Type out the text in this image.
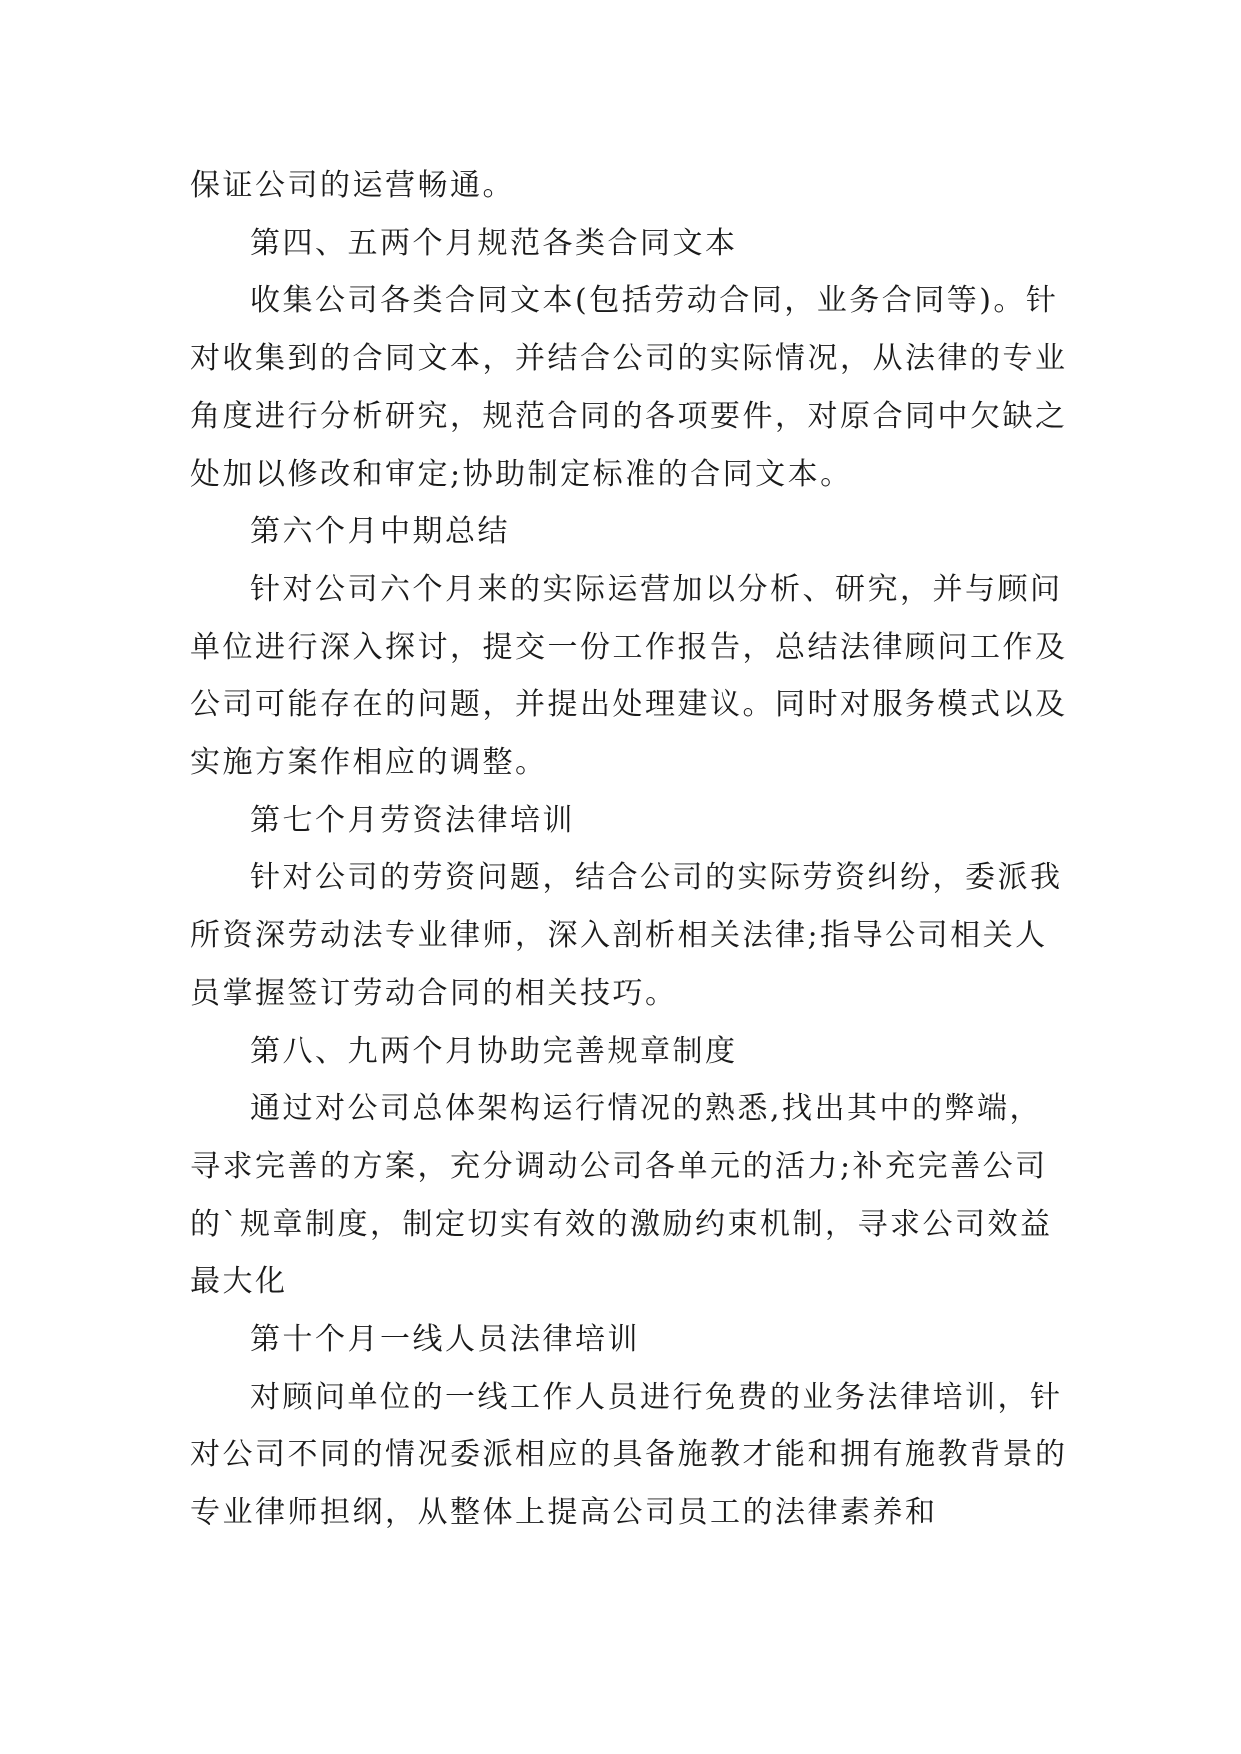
保证公司的运营畅通。

第四、五两个月规范各类合同文本

收集公司各类合同文本(包括劳动合同，业务合同等)。针对收集到的合同文本，并结合公司的实际情况，从法律的专业角度进行分析研究，规范合同的各项要件，对原合同中欠缺之处加以修改和审定;协助制定标准的合同文本。

第六个月中期总结

针对公司六个月来的实际运营加以分析、研究，并与顾问单位进行深入探讨，提交一份工作报告，总结法律顾问工作及公司可能存在的问题，并提出处理建议。同时对服务模式以及实施方案作相应的调整。

第七个月劳资法律培训

针对公司的劳资问题，结合公司的实际劳资纠纷，委派我所资深劳动法专业律师，深入剖析相关法律;指导公司相关人员掌握签订劳动合同的相关技巧。

第八、九两个月协助完善规章制度

通过对公司总体架构运行情况的熟悉,找出其中的弊端，寻求完善的方案，充分调动公司各单元的活力;补充完善公司的`规章制度，制定切实有效的激励约束机制，寻求公司效益最大化

第十个月一线人员法律培训

对顾问单位的一线工作人员进行免费的业务法律培训，针对公司不同的情况委派相应的具备施教才能和拥有施教背景的专业律师担纲，从整体上提高公司员工的法律素养和
